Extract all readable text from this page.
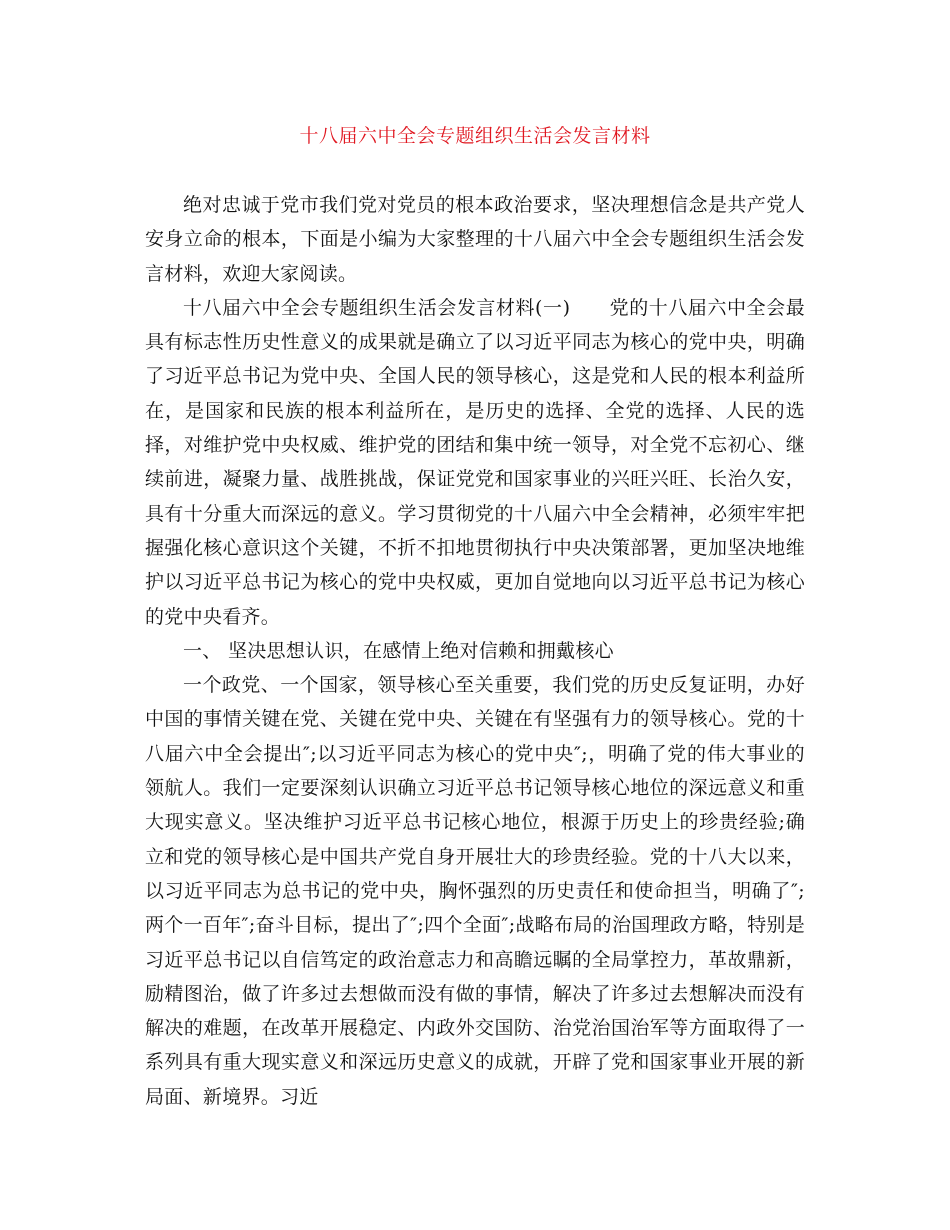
十八届六中全会专题组织生活会发言材料

绝对忠诚于党市我们党对党员的根本政治要求，坚决理想信念是共产党人安身立命的根本，下面是小编为大家整理的十八届六中全会专题组织生活会发言材料，欢迎大家阅读。

十八届六中全会专题组织生活会发言材料(一)　　党的十八届六中全会最具有标志性历史性意义的成果就是确立了以习近平同志为核心的党中央，明确了习近平总书记为党中央、全国人民的领导核心，这是党和人民的根本利益所在，是国家和民族的根本利益所在，是历史的选择、全党的选择、人民的选择，对维护党中央权威、维护党的团结和集中统一领导，对全党不忘初心、继续前进，凝聚力量、战胜挑战，保证党党和国家事业的兴旺兴旺、长治久安，具有十分重大而深远的意义。学习贯彻党的十八届六中全会精神，必须牢牢把握强化核心意识这个关键，不折不扣地贯彻执行中央决策部署，更加坚决地维护以习近平总书记为核心的党中央权威，更加自觉地向以习近平总书记为核心的党中央看齐。

一、 坚决思想认识，在感情上绝对信赖和拥戴核心

一个政党、一个国家，领导核心至关重要，我们党的历史反复证明，办好中国的事情关键在党、关键在党中央、关键在有坚强有力的领导核心。党的十八届六中全会提出″;以习近平同志为核心的党中央″;，明确了党的伟大事业的领航人。我们一定要深刻认识确立习近平总书记领导核心地位的深远意义和重大现实意义。坚决维护习近平总书记核心地位，根源于历史上的珍贵经验;确立和党的领导核心是中国共产党自身开展壮大的珍贵经验。党的十八大以来，以习近平同志为总书记的党中央，胸怀强烈的历史责任和使命担当，明确了″;两个一百年″;奋斗目标，提出了″;四个全面″;战略布局的治国理政方略，特别是习近平总书记以自信笃定的政治意志力和高瞻远瞩的全局掌控力，革故鼎新，励精图治，做了许多过去想做而没有做的事情，解决了许多过去想解决而没有解决的难题，在改革开展稳定、内政外交国防、治党治国治军等方面取得了一系列具有重大现实意义和深远历史意义的成就，开辟了党和国家事业开展的新局面、新境界。习近
